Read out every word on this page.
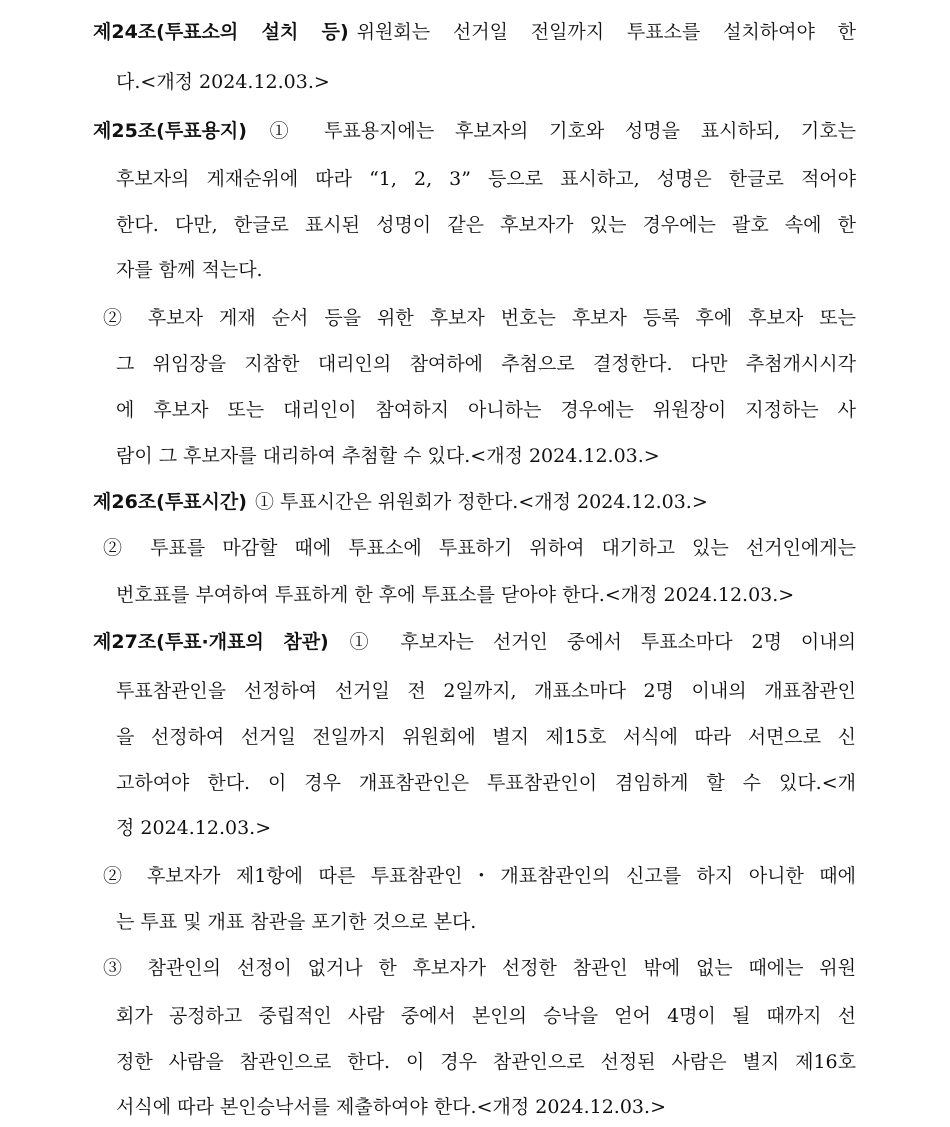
제24조(투표소의 설치 등) 위원회는 선거일 전일까지 투표소를 설치하여야 한
다.<개정 2024.12.03.>
제25조(투표용지) ① 투표용지에는 후보자의 기호와 성명을 표시하되, 기호는
후보자의 게재순위에 따라 “1, 2, 3” 등으로 표시하고, 성명은 한글로 적어야
한다. 다만, 한글로 표시된 성명이 같은 후보자가 있는 경우에는 괄호 속에 한
자를 함께 적는다.
② 후보자 게재 순서 등을 위한 후보자 번호는 후보자 등록 후에 후보자 또는
그 위임장을 지참한 대리인의 참여하에 추첨으로 결정한다. 다만 추첨개시시각
에 후보자 또는 대리인이 참여하지 아니하는 경우에는 위원장이 지정하는 사
람이 그 후보자를 대리하여 추첨할 수 있다.<개정 2024.12.03.>
제26조(투표시간) ① 투표시간은 위원회가 정한다.<개정 2024.12.03.>
② 투표를 마감할 때에 투표소에 투표하기 위하여 대기하고 있는 선거인에게는
번호표를 부여하여 투표하게 한 후에 투표소를 닫아야 한다.<개정 2024.12.03.>
제27조(투표·개표의 참관) ① 후보자는 선거인 중에서 투표소마다 2명 이내의
투표참관인을 선정하여 선거일 전 2일까지, 개표소마다 2명 이내의 개표참관인
을 선정하여 선거일 전일까지 위원회에 별지 제15호 서식에 따라 서면으로 신
고하여야 한다. 이 경우 개표참관인은 투표참관인이 겸임하게 할 수 있다.<개
정 2024.12.03.>
② 후보자가 제1항에 따른 투표참관인・개표참관인의 신고를 하지 아니한 때에
는 투표 및 개표 참관을 포기한 것으로 본다.
③ 참관인의 선정이 없거나 한 후보자가 선정한 참관인 밖에 없는 때에는 위원
회가 공정하고 중립적인 사람 중에서 본인의 승낙을 얻어 4명이 될 때까지 선
정한 사람을 참관인으로 한다. 이 경우 참관인으로 선정된 사람은 별지 제16호
서식에 따라 본인승낙서를 제출하여야 한다.<개정 2024.12.03.>
